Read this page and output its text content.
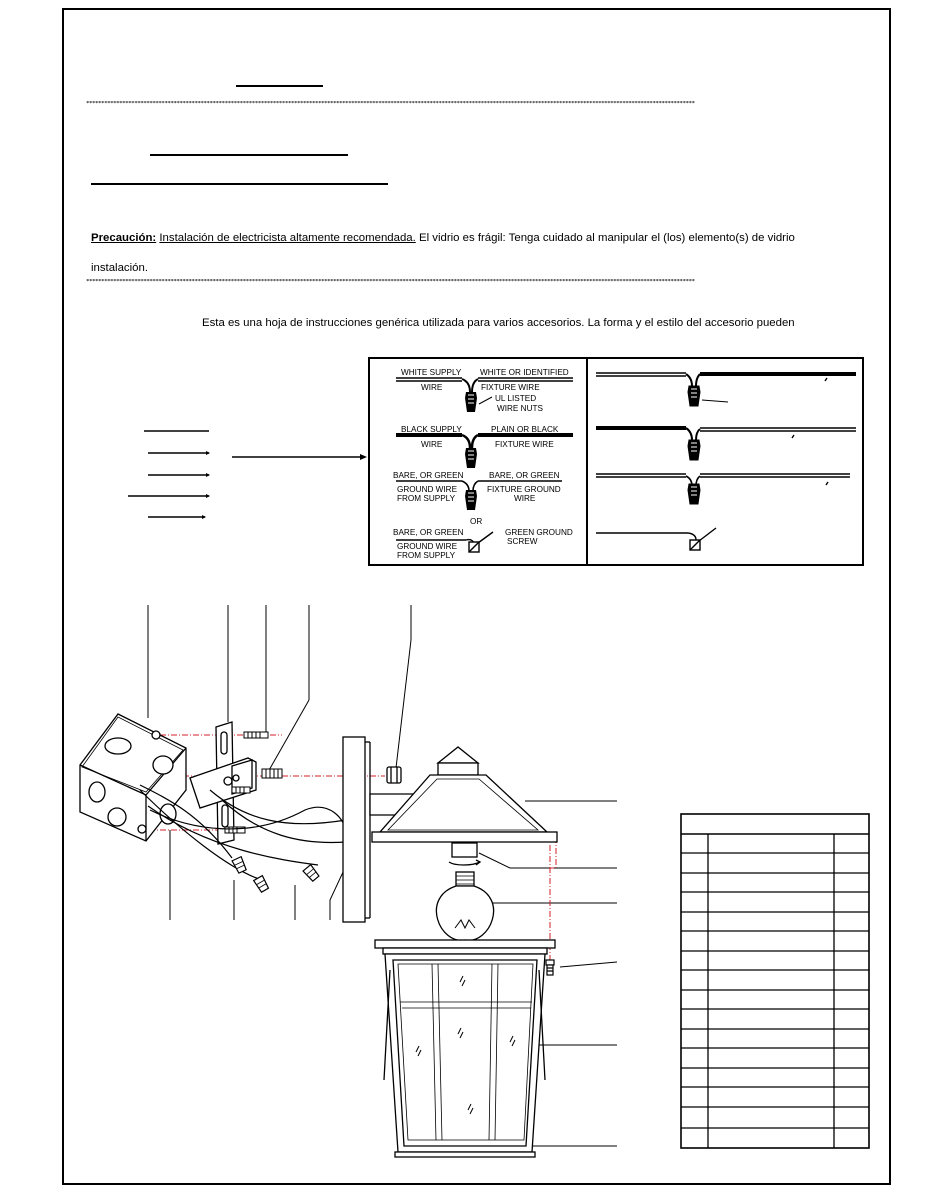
**********************************************************************************************************************************************************************************************************
**********************************************************************************************************************************************************************************************************
Precaución: Instalación de electricista altamente recomendada. El vidrio es frágil: Tenga cuidado al manipular el (los) elemento(s) de vidrio
instalación.
Esta es una hoja de instrucciones genérica utilizada para varios accesorios. La forma y el estilo del accesorio pueden
WHITE SUPPLY
WIRE
WHITE OR IDENTIFIED
FIXTURE WIRE
UL LISTED
WIRE NUTS
BLACK SUPPLY
WIRE
PLAIN OR BLACK
FIXTURE WIRE
BARE, OR GREEN
GROUND WIRE
FROM SUPPLY
BARE, OR GREEN
FIXTURE GROUND
WIRE
OR
BARE, OR GREEN
GROUND WIRE
FROM SUPPLY
GREEN GROUND
SCREW
